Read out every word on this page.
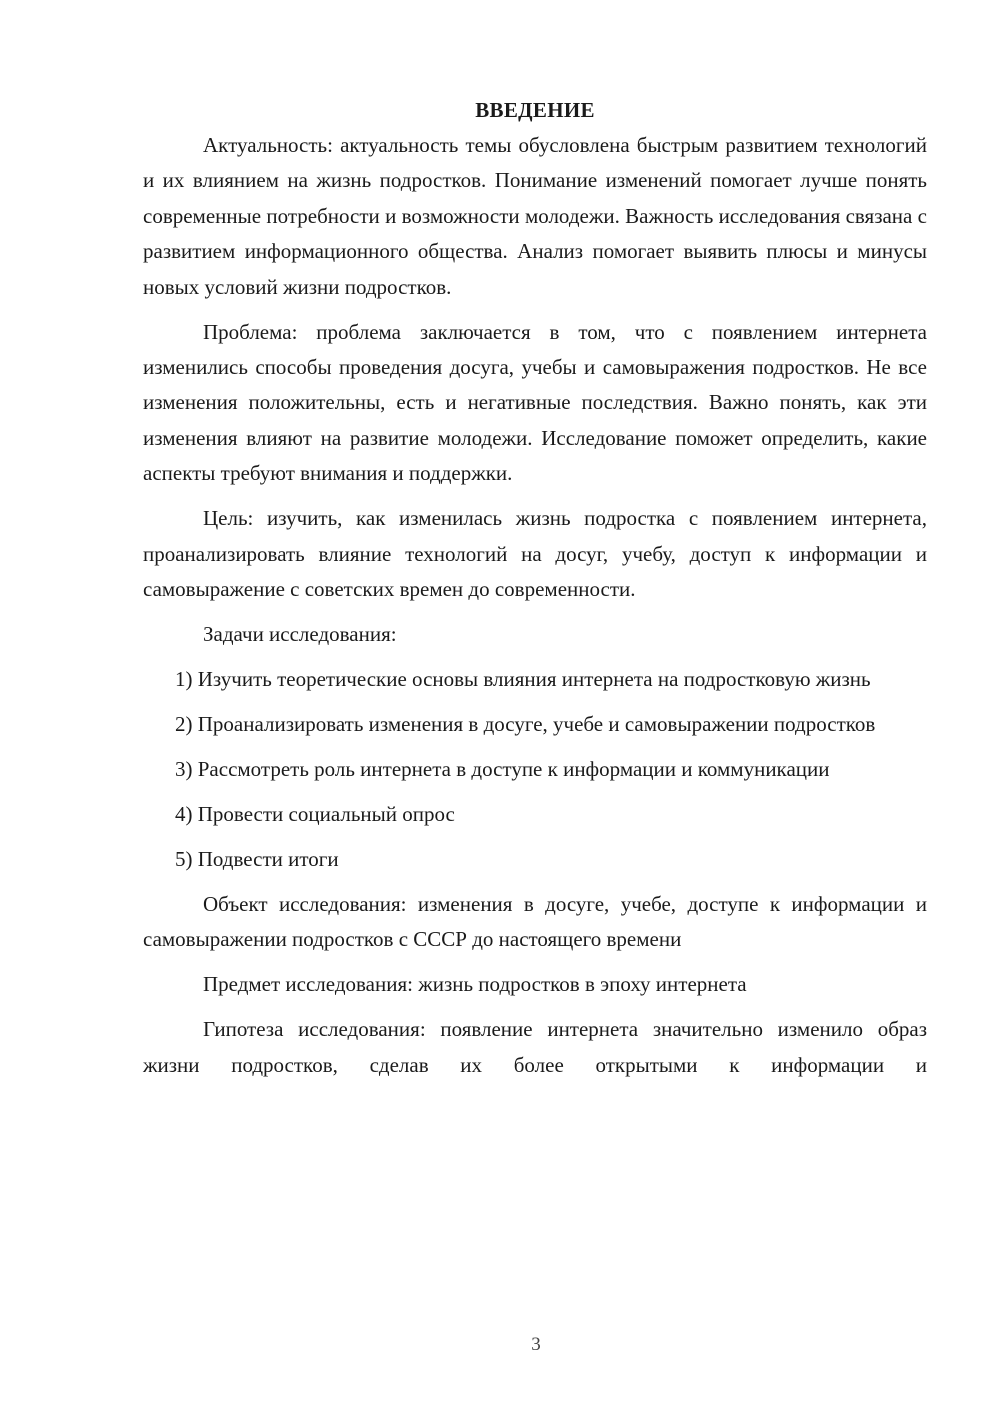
ВВЕДЕНИЕ

Актуальность: актуальность темы обусловлена быстрым развитием технологий и их влиянием на жизнь подростков. Понимание изменений помогает лучше понять современные потребности и возможности молодежи. Важность исследования связана с развитием информационного общества. Анализ помогает выявить плюсы и минусы новых условий жизни подростков.

Проблема: проблема заключается в том, что с появлением интернета изменились способы проведения досуга, учебы и самовыражения подростков. Не все изменения положительны, есть и негативные последствия. Важно понять, как эти изменения влияют на развитие молодежи. Исследование поможет определить, какие аспекты требуют внимания и поддержки.

Цель: изучить, как изменилась жизнь подростка с появлением интернета, проанализировать влияние технологий на досуг, учебу, доступ к информации и самовыражение с советских времен до современности.

Задачи исследования:

1) Изучить теоретические основы влияния интернета на подростковую жизнь

2) Проанализировать изменения в досуге, учебе и самовыражении подростков

3) Рассмотреть роль интернета в доступе к информации и коммуникации

4) Провести социальный опрос

5) Подвести итоги

Объект исследования: изменения в досуге, учебе, доступе к информации и самовыражении подростков с СССР до настоящего времени

Предмет исследования: жизнь подростков в эпоху интернета

Гипотеза исследования: появление интернета значительно изменило образ жизни подростков, сделав их более открытыми к информации и

3
